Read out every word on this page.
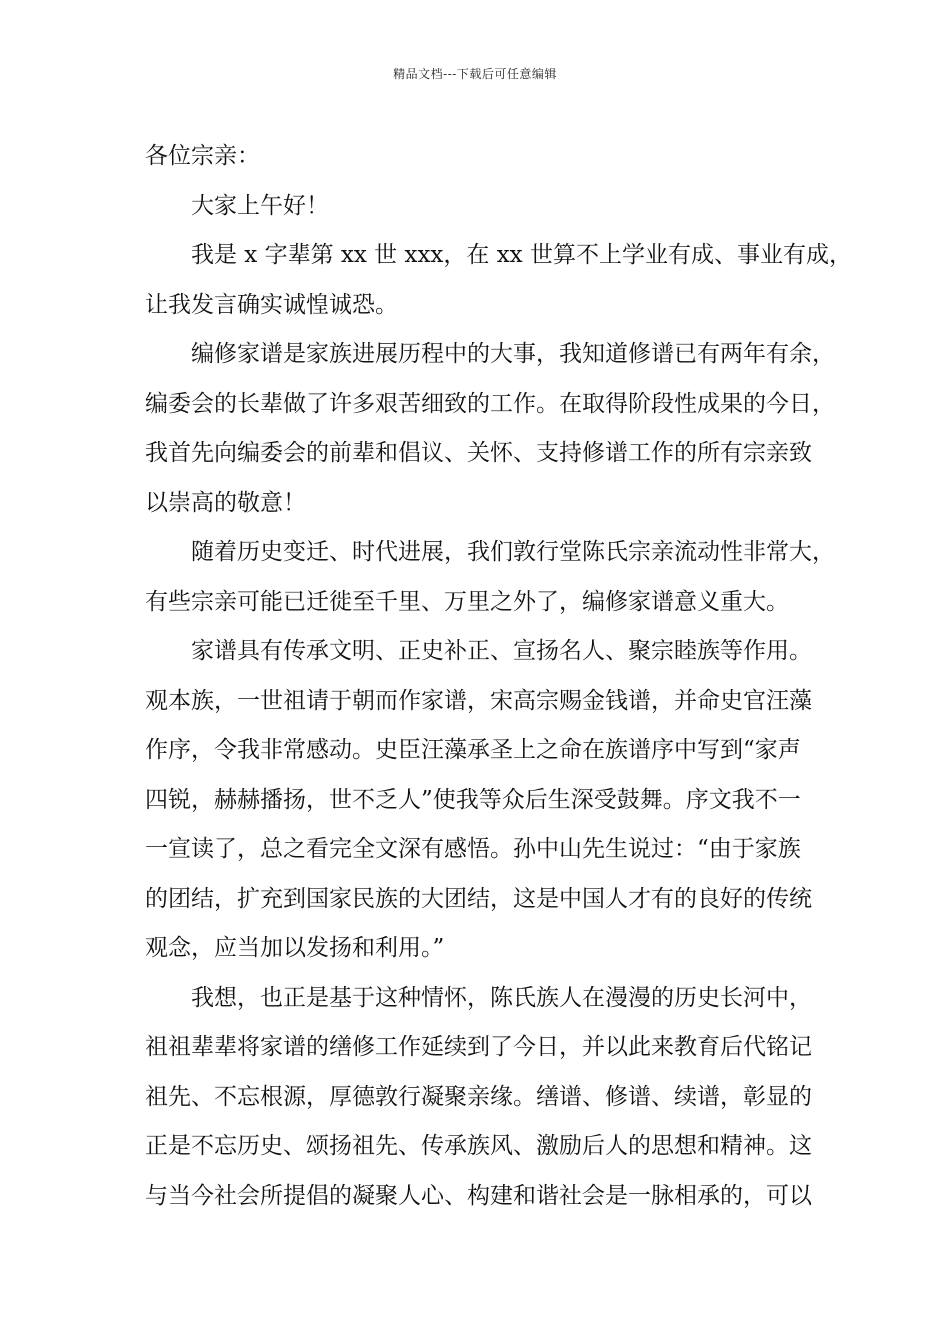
精品文档---下载后可任意编辑
各位宗亲：
大家上午好！
我是 x 字辈第 xx 世 xxx，在 xx 世算不上学业有成、事业有成，
让我发言确实诚惶诚恐。
编修家谱是家族进展历程中的大事，我知道修谱已有两年有余，
编委会的长辈做了许多艰苦细致的工作。在取得阶段性成果的今日，
我首先向编委会的前辈和倡议、关怀、支持修谱工作的所有宗亲致
以崇高的敬意！
随着历史变迁、时代进展，我们敦行堂陈氏宗亲流动性非常大，
有些宗亲可能已迁徙至千里、万里之外了，编修家谱意义重大。
家谱具有传承文明、正史补正、宣扬名人、聚宗睦族等作用。
观本族，一世祖请于朝而作家谱，宋高宗赐金钱谱，并命史官汪藻
作序，令我非常感动。史臣汪藻承圣上之命在族谱序中写到“家声
四锐，赫赫播扬，世不乏人”使我等众后生深受鼓舞。序文我不一
一宣读了，总之看完全文深有感悟。孙中山先生说过：“由于家族
的团结，扩充到国家民族的大团结，这是中国人才有的良好的传统
观念，应当加以发扬和利用。”
我想，也正是基于这种情怀，陈氏族人在漫漫的历史长河中，
祖祖辈辈将家谱的缮修工作延续到了今日，并以此来教育后代铭记
祖先、不忘根源，厚德敦行凝聚亲缘。缮谱、修谱、续谱，彰显的
正是不忘历史、颂扬祖先、传承族风、激励后人的思想和精神。这
与当今社会所提倡的凝聚人心、构建和谐社会是一脉相承的，可以
